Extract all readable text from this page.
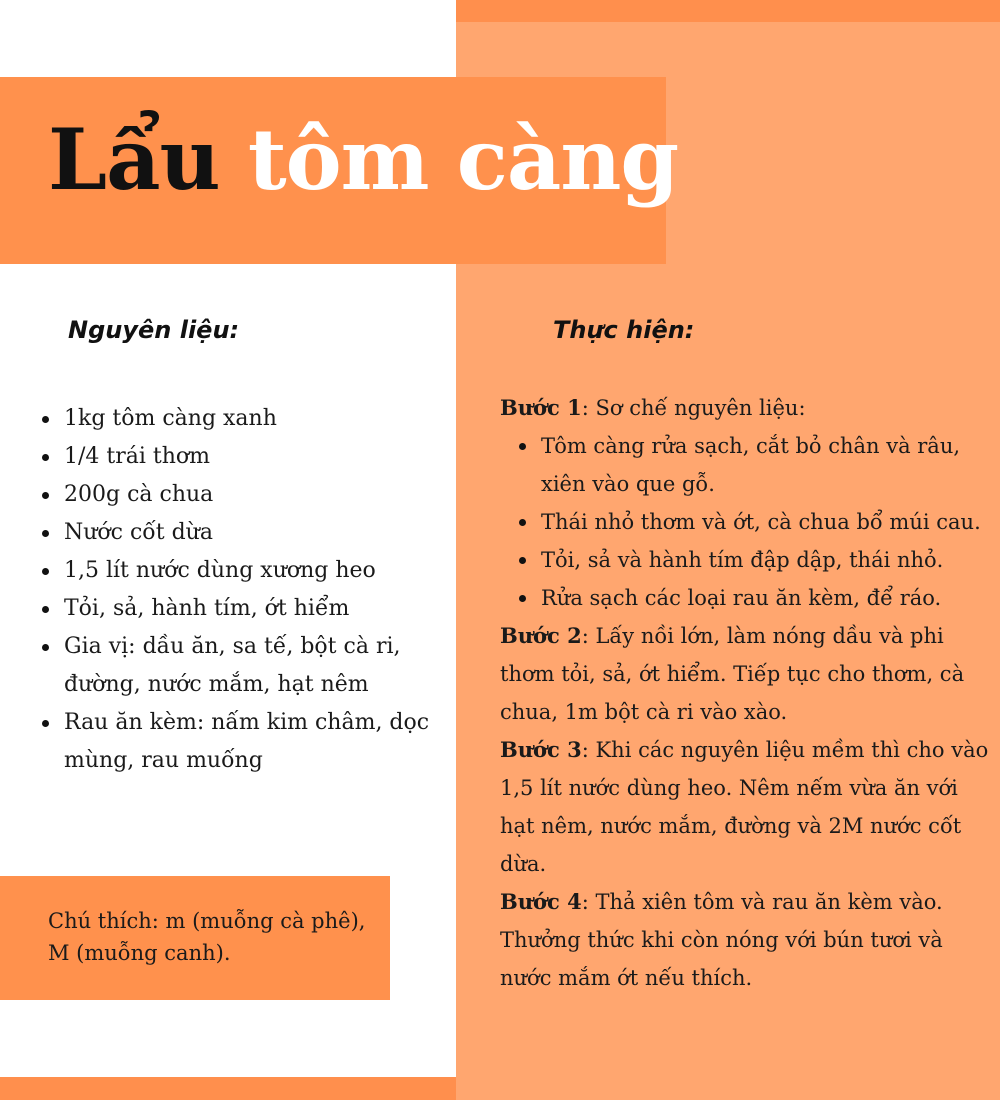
Lẩu tôm càng
Nguyên liệu:	Thực hiện:
1kg tôm càng xanh
1/4 trái thơm
200g cà chua
Nước cốt dừa
1,5 lít nước dùng xương heo
Tỏi, sả, hành tím, ớt hiểm
Gia vị: dầu ăn, sa tế, bột cà ri, đường, nước mắm, hạt nêm
Rau ăn kèm: nấm kim châm, dọc mùng, rau muống
Chú thích: m (muỗng cà phê), M (muỗng canh).
Bước 1: Sơ chế nguyên liệu:
Tôm càng rửa sạch, cắt bỏ chân và râu, xiên vào que gỗ.
Thái nhỏ thơm và ớt, cà chua bổ múi cau.
Tỏi, sả và hành tím đập dập, thái nhỏ.
Rửa sạch các loại rau ăn kèm, để ráo.
Bước 2: Lấy nồi lớn, làm nóng dầu và phi thơm tỏi, sả, ớt hiểm. Tiếp tục cho thơm, cà chua, 1m bột cà ri vào xào.
Bước 3: Khi các nguyên liệu mềm thì cho vào 1,5 lít nước dùng heo. Nêm nếm vừa ăn với hạt nêm, nước mắm, đường và 2M nước cốt dừa.
Bước 4: Thả xiên tôm và rau ăn kèm vào. Thưởng thức khi còn nóng với bún tươi và nước mắm ớt nếu thích.
